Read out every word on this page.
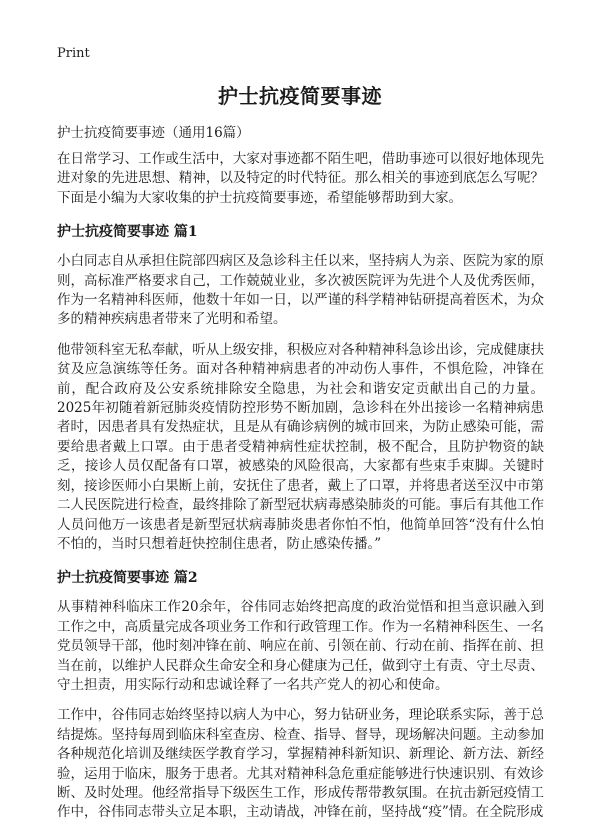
Print
护士抗疫简要事迹
护士抗疫简要事迹（通用16篇）

在日常学习、工作或生活中，大家对事迹都不陌生吧，借助事迹可以很好地体现先进对象的先进思想、精神，以及特定的时代特征。那么相关的事迹到底怎么写呢？下面是小编为大家收集的护士抗疫简要事迹，希望能够帮助到大家。

护士抗疫简要事迹 篇1

小白同志自从承担住院部四病区及急诊科主任以来，坚持病人为亲、医院为家的原则，高标准严格要求自己，工作兢兢业业，多次被医院评为先进个人及优秀医师，作为一名精神科医师，他数十年如一日，以严谨的科学精神钻研提高着医术，为众多的精神疾病患者带来了光明和希望。

他带领科室无私奉献，听从上级安排，积极应对各种精神科急诊出诊，完成健康扶贫及应急演练等任务。面对各种精神病患者的冲动伤人事件，不惧危险，冲锋在前，配合政府及公安系统排除安全隐患，为社会和谐安定贡献出自己的力量。2025年初随着新冠肺炎疫情防控形势不断加剧，急诊科在外出接诊一名精神病患者时，因患者具有发热症状，且是从有确诊病例的城市回来，为防止感染可能，需要给患者戴上口罩。由于患者受精神病性症状控制，极不配合，且防护物资的缺乏，接诊人员仅配备有口罩，被感染的风险很高，大家都有些束手束脚。关键时刻，接诊医师小白果断上前，安抚住了患者，戴上了口罩，并将患者送至汉中市第二人民医院进行检查，最终排除了新型冠状病毒感染肺炎的可能。事后有其他工作人员问他万一该患者是新型冠状病毒肺炎患者你怕不怕，他简单回答“没有什么怕不怕的，当时只想着赶快控制住患者，防止感染传播。”

护士抗疫简要事迹 篇2

从事精神科临床工作20余年，谷伟同志始终把高度的政治觉悟和担当意识融入到工作之中，高质量完成各项业务工作和行政管理工作。作为一名精神科医生、一名党员领导干部，他时刻冲锋在前、响应在前、引领在前、行动在前、指挥在前、担当在前，以维护人民群众生命安全和身心健康为己任，做到守土有责、守土尽责、守土担责，用实际行动和忠诚诠释了一名共产党人的初心和使命。

工作中，谷伟同志始终坚持以病人为中心，努力钻研业务，理论联系实际，善于总结提炼。坚持每周到临床科室查房、检查、指导、督导，现场解决问题。主动参加各种规范化培训及继续医学教育学习，掌握精神科新知识、新理论、新方法、新经验，运用于临床，服务于患者。尤其对精神科急危重症能够进行快速识别、有效诊断、及时处理。他经常指导下级医生工作，形成传帮带教氛围。在抗击新冠疫情工作中，谷伟同志带头立足本职，主动请战，冲锋在前，坚持战“疫”情。在全院形成
